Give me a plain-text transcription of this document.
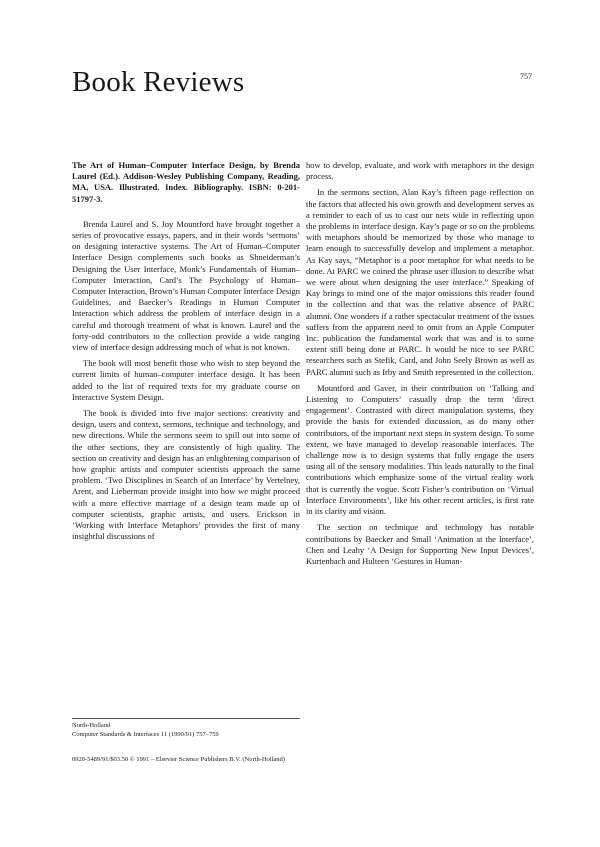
Book Reviews	757

The Art of Human–Computer Interface Design, by Brenda Laurel (Ed.). Addison-Wesley Publishing Company, Reading, MA, USA. Illustrated. Index. Bibliography. ISBN: 0-201-51797-3.

Brenda Laurel and S. Joy Mountford have brought together a series of provocative essays, papers, and in their words ‘sermons’ on designing interactive systems. The Art of Human–Computer Interface Design complements such books as Shneiderman’s Designing the User Interface, Monk’s Fundamentals of Human–Computer Interaction, Card’s The Psychology of Human–Computer Interaction, Brown’s Human Computer Interface Design Guidelines, and Baecker’s Readings in Human Computer Interaction which address the problem of interface design in a careful and thorough treatment of what is known. Laurel and the forty-odd contributors to the collection provide a wide ranging view of interface design addressing much of what is not known.

The book will most benefit those who wish to step beyond the current limits of human–computer interface design. It has been added to the list of required texts for my graduate course on Interactive System Design.

The book is divided into five major sections: creativity and design, users and context, sermons, technique and technology, and new directions. While the sermons seem to spill out into some of the other sections, they are consistently of high quality. The section on creativity and design has an enlightening comparison of how graphic artists and computer scientists approach the same problem. ‘Two Disciplines in Search of an Interface’ by Vertelney, Arent, and Lieberman provide insight into how we might proceed with a more effective marriage of a design team made up of computer scientists, graphic artists, and users. Erickson in ‘Working with Interface Metaphors’ provides the first of many insightful discussions of

how to develop, evaluate, and work with metaphors in the design process.

In the sermons section, Alan Kay’s fifteen page reflection on the factors that affected his own growth and development serves as a reminder to each of us to cast our nets wide in reflecting upon the problems in interface design. Kay’s page or so on the problems with metaphors should be memorized by those who manage to learn enough to successfully develop and implement a metaphor. As Kay says, “Metaphor is a poor metaphor for what needs to be done. At PARC we coined the phrase user illusion to describe what we were about when designing the user interface.” Speaking of Kay brings to mind one of the major omissions this reader found in the collection and that was the relative absence of PARC alumni. One wonders if a rather spectacular treatment of the issues suffers from the apparent need to omit from an Apple Computer Inc. publication the fundamental work that was and is to some extent still being done at PARC. It would be nice to see PARC researchers such as Stefik, Card, and John Seely Brown as well as PARC alumni such as Irby and Smith represented in the collection.

Mountford and Gaver, in their contribution on ‘Talking and Listening to Computers’ casually drop the term ‘direct engagement’. Contrasted with direct manipulation systems, they provide the basis for extended discussion, as do many other contributors, of the important next steps in system design. To some extent, we have managed to develop reasonable interfaces. The challenge now is to design systems that fully engage the users using all of the sensory modalities. This leads naturally to the final contributions which emphasize some of the virtual reality work that is currently the vogue. Scott Fisher’s contribution on ‘Virtual Interface Environments’, like his other recent articles, is first rate in its clarity and vision.

The section on technique and technology has notable contributions by Baecker and Small ‘Animation at the Interface’, Chen and Leahy ‘A Design for Supporting New Input Devices’, Kurtenbach and Hulteen ‘Gestures in Human-

North-Holland
Computer Standards & Interfaces 11 (1990/91) 757–759
0920-5489/91/$03.50 © 1991 – Elsevier Science Publishers B.V. (North-Holland)
